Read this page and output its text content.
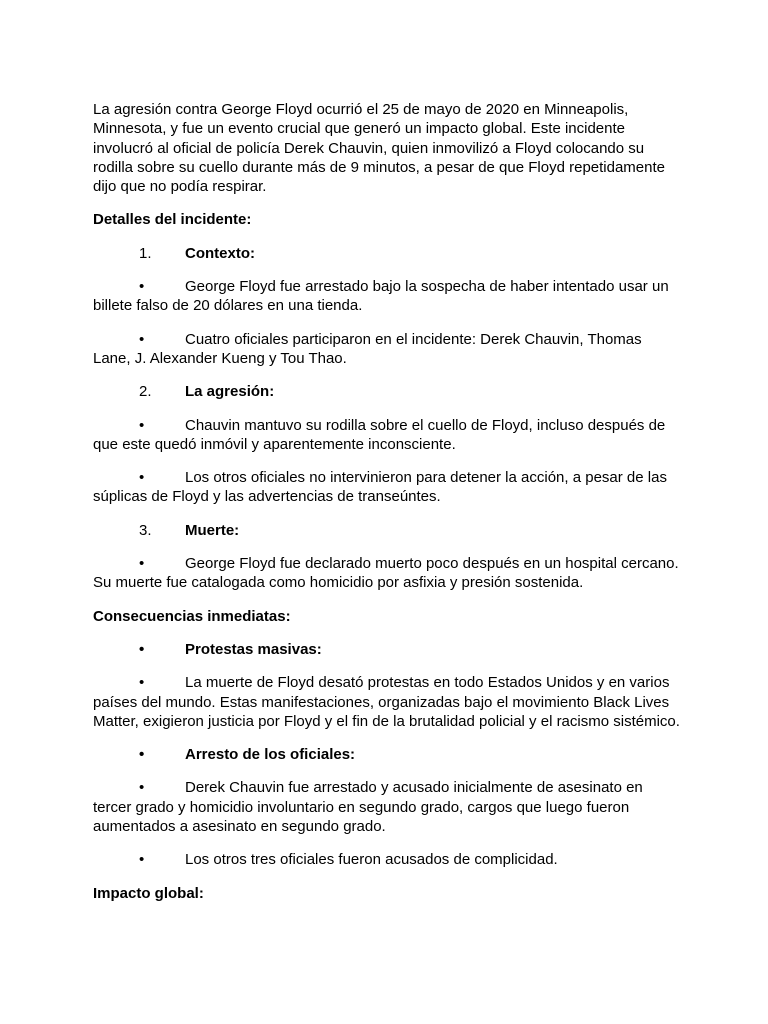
La agresión contra George Floyd ocurrió el 25 de mayo de 2020 en Minneapolis, Minnesota, y fue un evento crucial que generó un impacto global. Este incidente involucró al oficial de policía Derek Chauvin, quien inmovilizó a Floyd colocando su rodilla sobre su cuello durante más de 9 minutos, a pesar de que Floyd repetidamente dijo que no podía respirar.

Detalles del incidente:

1.	Contexto:

•	George Floyd fue arrestado bajo la sospecha de haber intentado usar un billete falso de 20 dólares en una tienda.

•	Cuatro oficiales participaron en el incidente: Derek Chauvin, Thomas Lane, J. Alexander Kueng y Tou Thao.

2.	La agresión:

•	Chauvin mantuvo su rodilla sobre el cuello de Floyd, incluso después de que este quedó inmóvil y aparentemente inconsciente.

•	Los otros oficiales no intervinieron para detener la acción, a pesar de las súplicas de Floyd y las advertencias de transeúntes.

3.	Muerte:

•	George Floyd fue declarado muerto poco después en un hospital cercano. Su muerte fue catalogada como homicidio por asfixia y presión sostenida.

Consecuencias inmediatas:

•	Protestas masivas:

•	La muerte de Floyd desató protestas en todo Estados Unidos y en varios países del mundo. Estas manifestaciones, organizadas bajo el movimiento Black Lives Matter, exigieron justicia por Floyd y el fin de la brutalidad policial y el racismo sistémico.

•	Arresto de los oficiales:

•	Derek Chauvin fue arrestado y acusado inicialmente de asesinato en tercer grado y homicidio involuntario en segundo grado, cargos que luego fueron aumentados a asesinato en segundo grado.

•	Los otros tres oficiales fueron acusados de complicidad.

Impacto global:
